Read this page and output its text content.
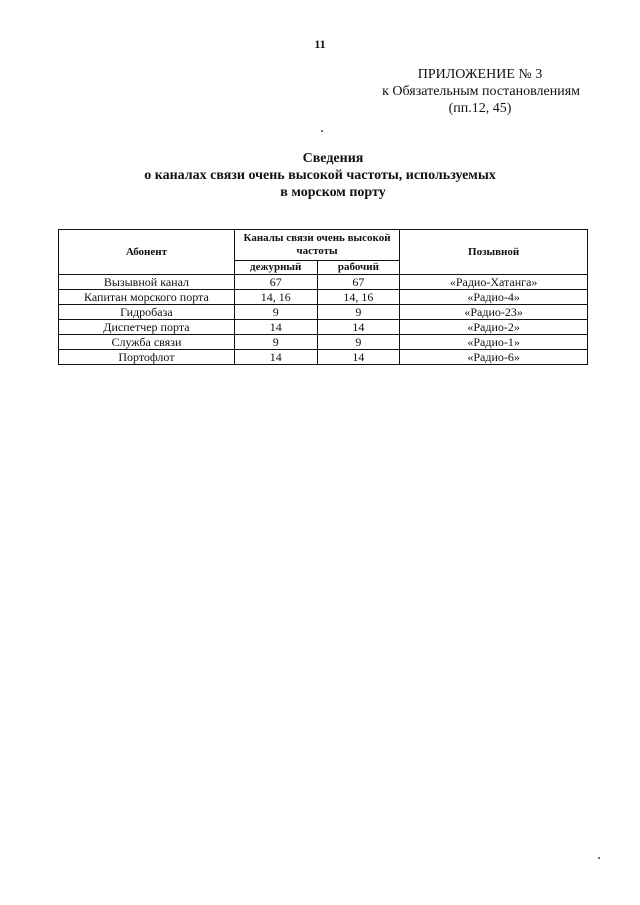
11
ПРИЛОЖЕНИЕ № 3
к Обязательным постановлениям
(пп.12, 45)
Сведения
о каналах связи очень высокой частоты, используемых
в морском порту
Абонент	Каналы связи очень высокой частоты		Позывной
	дежурный	рабочий	
Вызывной канал	67	67	«Радио-Хатанга»
Капитан морского порта	14, 16	14, 16	«Радио-4»
Гидробаза	9	9	«Радио-23»
Диспетчер порта	14	14	«Радио-2»
Служба связи	9	9	«Радио-1»
Портофлот	14	14	«Радио-6»
